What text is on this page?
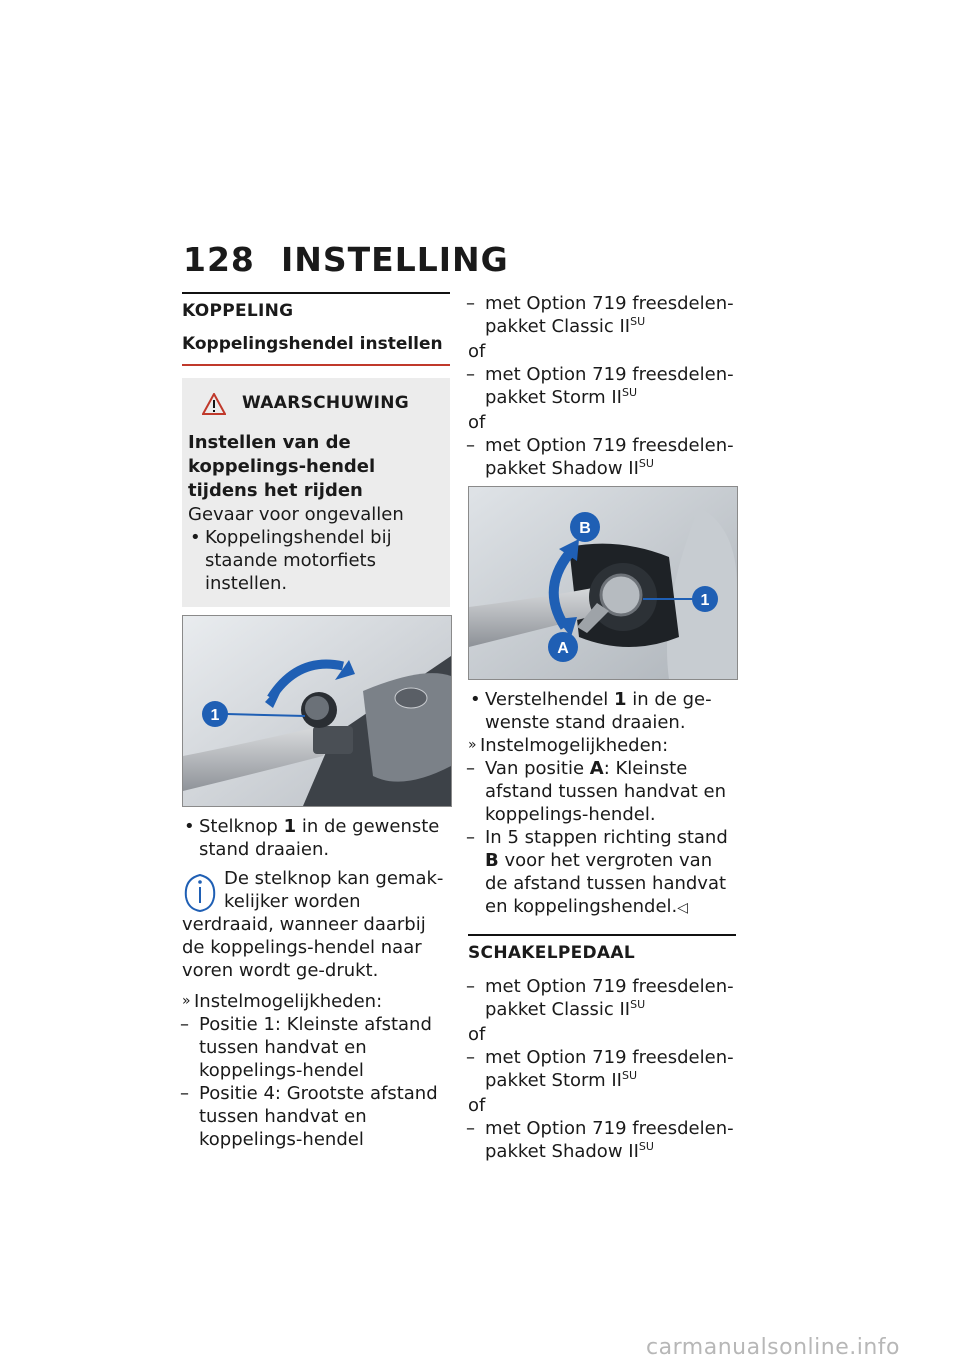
128 INSTELLING
KOPPELING
Koppelingshendel instellen
WAARSCHUWING
Instellen van de koppelings-hendel tijdens het rijden
Gevaar voor ongevallen
• Koppelingshendel bij staande motorfiets instellen.
1
• Stelknop 1 in de gewenste stand draaien.
De stelknop kan gemak-kelijker worden verdraaid, wanneer daarbij de koppelings-hendel naar voren wordt ge-drukt.
» Instelmogelijkheden:
– Positie 1: Kleinste afstand tussen handvat en koppelings-hendel
– Positie 4: Grootste afstand tussen handvat en koppelings-hendel
– met Option 719 freesdelen-pakket Classic $II^{SU}$
of
– met Option 719 freesdelen-pakket Storm $II^{SU}$
of
– met Option 719 freesdelen-pakket Shadow $II^{SU}$
1
B
A
• Verstelhendel 1 in de ge-wenste stand draaien.
» Instelmogelijkheden:
– Van positie A: Kleinste afstand tussen handvat en koppelings-hendel.
– In 5 stappen richting stand B voor het vergroten van de afstand tussen handvat en koppelingshendel.◁
SCHAKELPEDAAL
– met Option 719 freesdelen-pakket Classic $II^{SU}$
of
– met Option 719 freesdelen-pakket Storm $II^{SU}$
of
– met Option 719 freesdelen-pakket Shadow $II^{SU}$
carmanualsonline.info
